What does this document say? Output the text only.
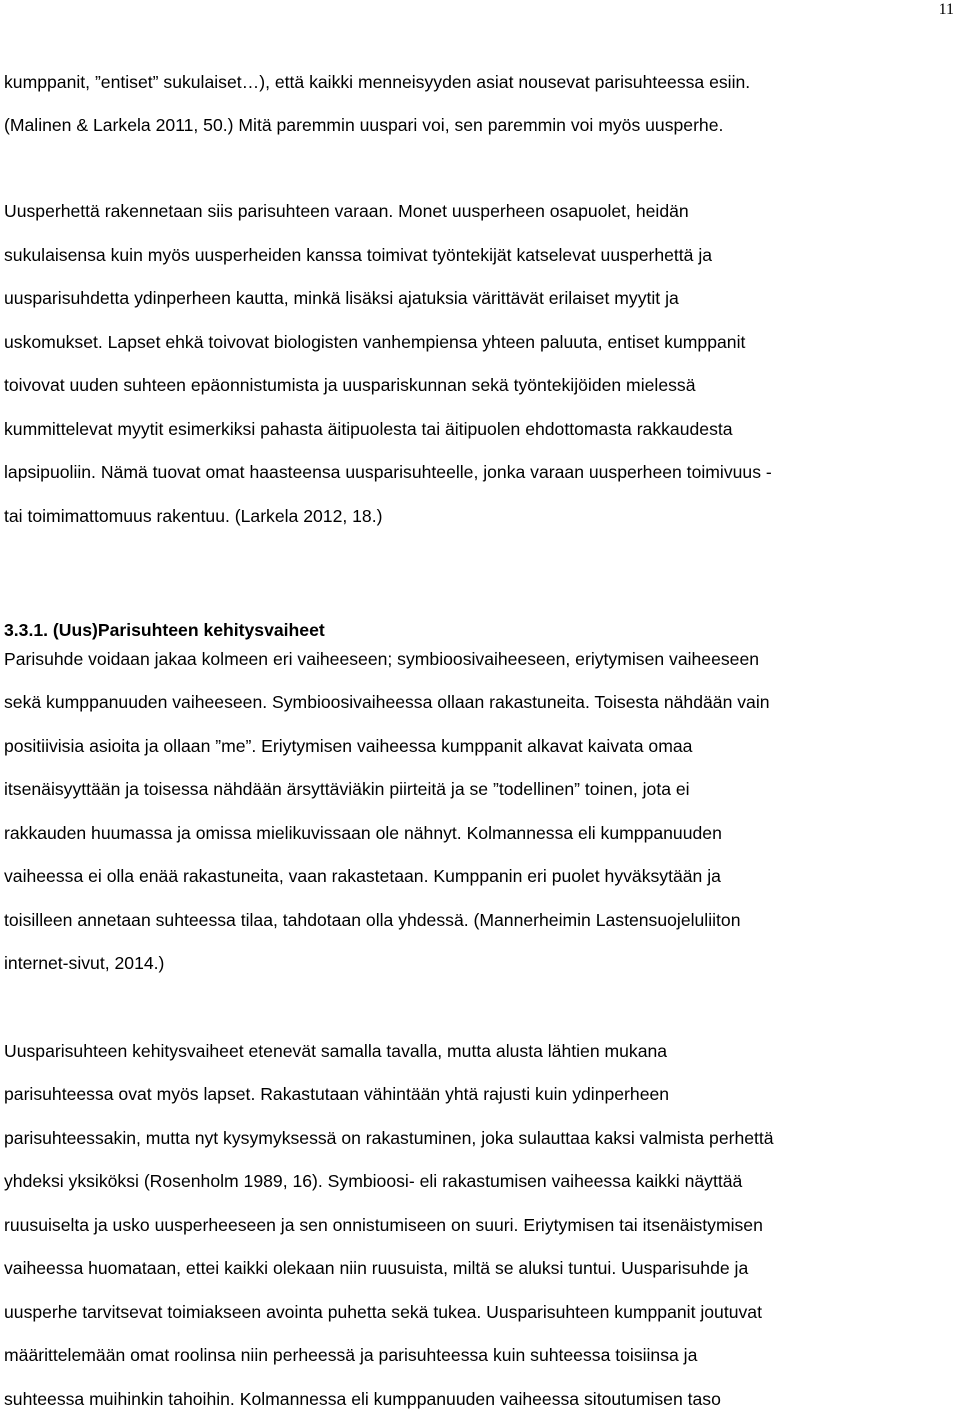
11
kumppanit, ”entiset” sukulaiset…), että kaikki menneisyyden asiat nousevat parisuhteessa esiin.
(Malinen & Larkela 2011, 50.) Mitä paremmin uuspari voi, sen paremmin voi myös uusperhe.
Uusperhettä rakennetaan siis parisuhteen varaan. Monet uusperheen osapuolet, heidän
sukulaisensa kuin myös uusperheiden kanssa toimivat työntekijät katselevat uusperhettä ja
uusparisuhdetta ydinperheen kautta, minkä lisäksi ajatuksia värittävät erilaiset myytit ja
uskomukset. Lapset ehkä toivovat biologisten vanhempiensa yhteen paluuta, entiset kumppanit
toivovat uuden suhteen epäonnistumista ja uuspariskunnan sekä työntekijöiden mielessä
kummittelevat myytit esimerkiksi pahasta äitipuolesta tai äitipuolen ehdottomasta rakkaudesta
lapsipuoliin. Nämä tuovat omat haasteensa uusparisuhteelle, jonka varaan uusperheen toimivuus -
tai toimimattomuus rakentuu. (Larkela 2012, 18.)
3.3.1. (Uus)Parisuhteen kehitysvaiheet
Parisuhde voidaan jakaa kolmeen eri vaiheeseen; symbioosivaiheeseen, eriytymisen vaiheeseen
sekä kumppanuuden vaiheeseen. Symbioosivaiheessa ollaan rakastuneita. Toisesta nähdään vain
positiivisia asioita ja ollaan ”me”. Eriytymisen vaiheessa kumppanit alkavat kaivata omaa
itsenäisyyttään ja toisessa nähdään ärsyttäviäkin piirteitä ja se ”todellinen” toinen, jota ei
rakkauden huumassa ja omissa mielikuvissaan ole nähnyt. Kolmannessa eli kumppanuuden
vaiheessa ei olla enää rakastuneita, vaan rakastetaan. Kumppanin eri puolet hyväksytään ja
toisilleen annetaan suhteessa tilaa, tahdotaan olla yhdessä. (Mannerheimin Lastensuojeluliiton
internet-sivut, 2014.)
Uusparisuhteen kehitysvaiheet etenevät samalla tavalla, mutta alusta lähtien mukana
parisuhteessa ovat myös lapset. Rakastutaan vähintään yhtä rajusti kuin ydinperheen
parisuhteessakin, mutta nyt kysymyksessä on rakastuminen, joka sulauttaa kaksi valmista perhettä
yhdeksi yksiköksi (Rosenholm 1989, 16). Symbioosi- eli rakastumisen vaiheessa kaikki näyttää
ruusuiselta ja usko uusperheeseen ja sen onnistumiseen on suuri. Eriytymisen tai itsenäistymisen
vaiheessa huomataan, ettei kaikki olekaan niin ruusuista, miltä se aluksi tuntui. Uusparisuhde ja
uusperhe tarvitsevat toimiakseen avointa puhetta sekä tukea. Uusparisuhteen kumppanit joutuvat
määrittelemään omat roolinsa niin perheessä ja parisuhteessa kuin suhteessa toisiinsa ja
suhteessa muihinkin tahoihin. Kolmannessa eli kumppanuuden vaiheessa sitoutumisen taso
